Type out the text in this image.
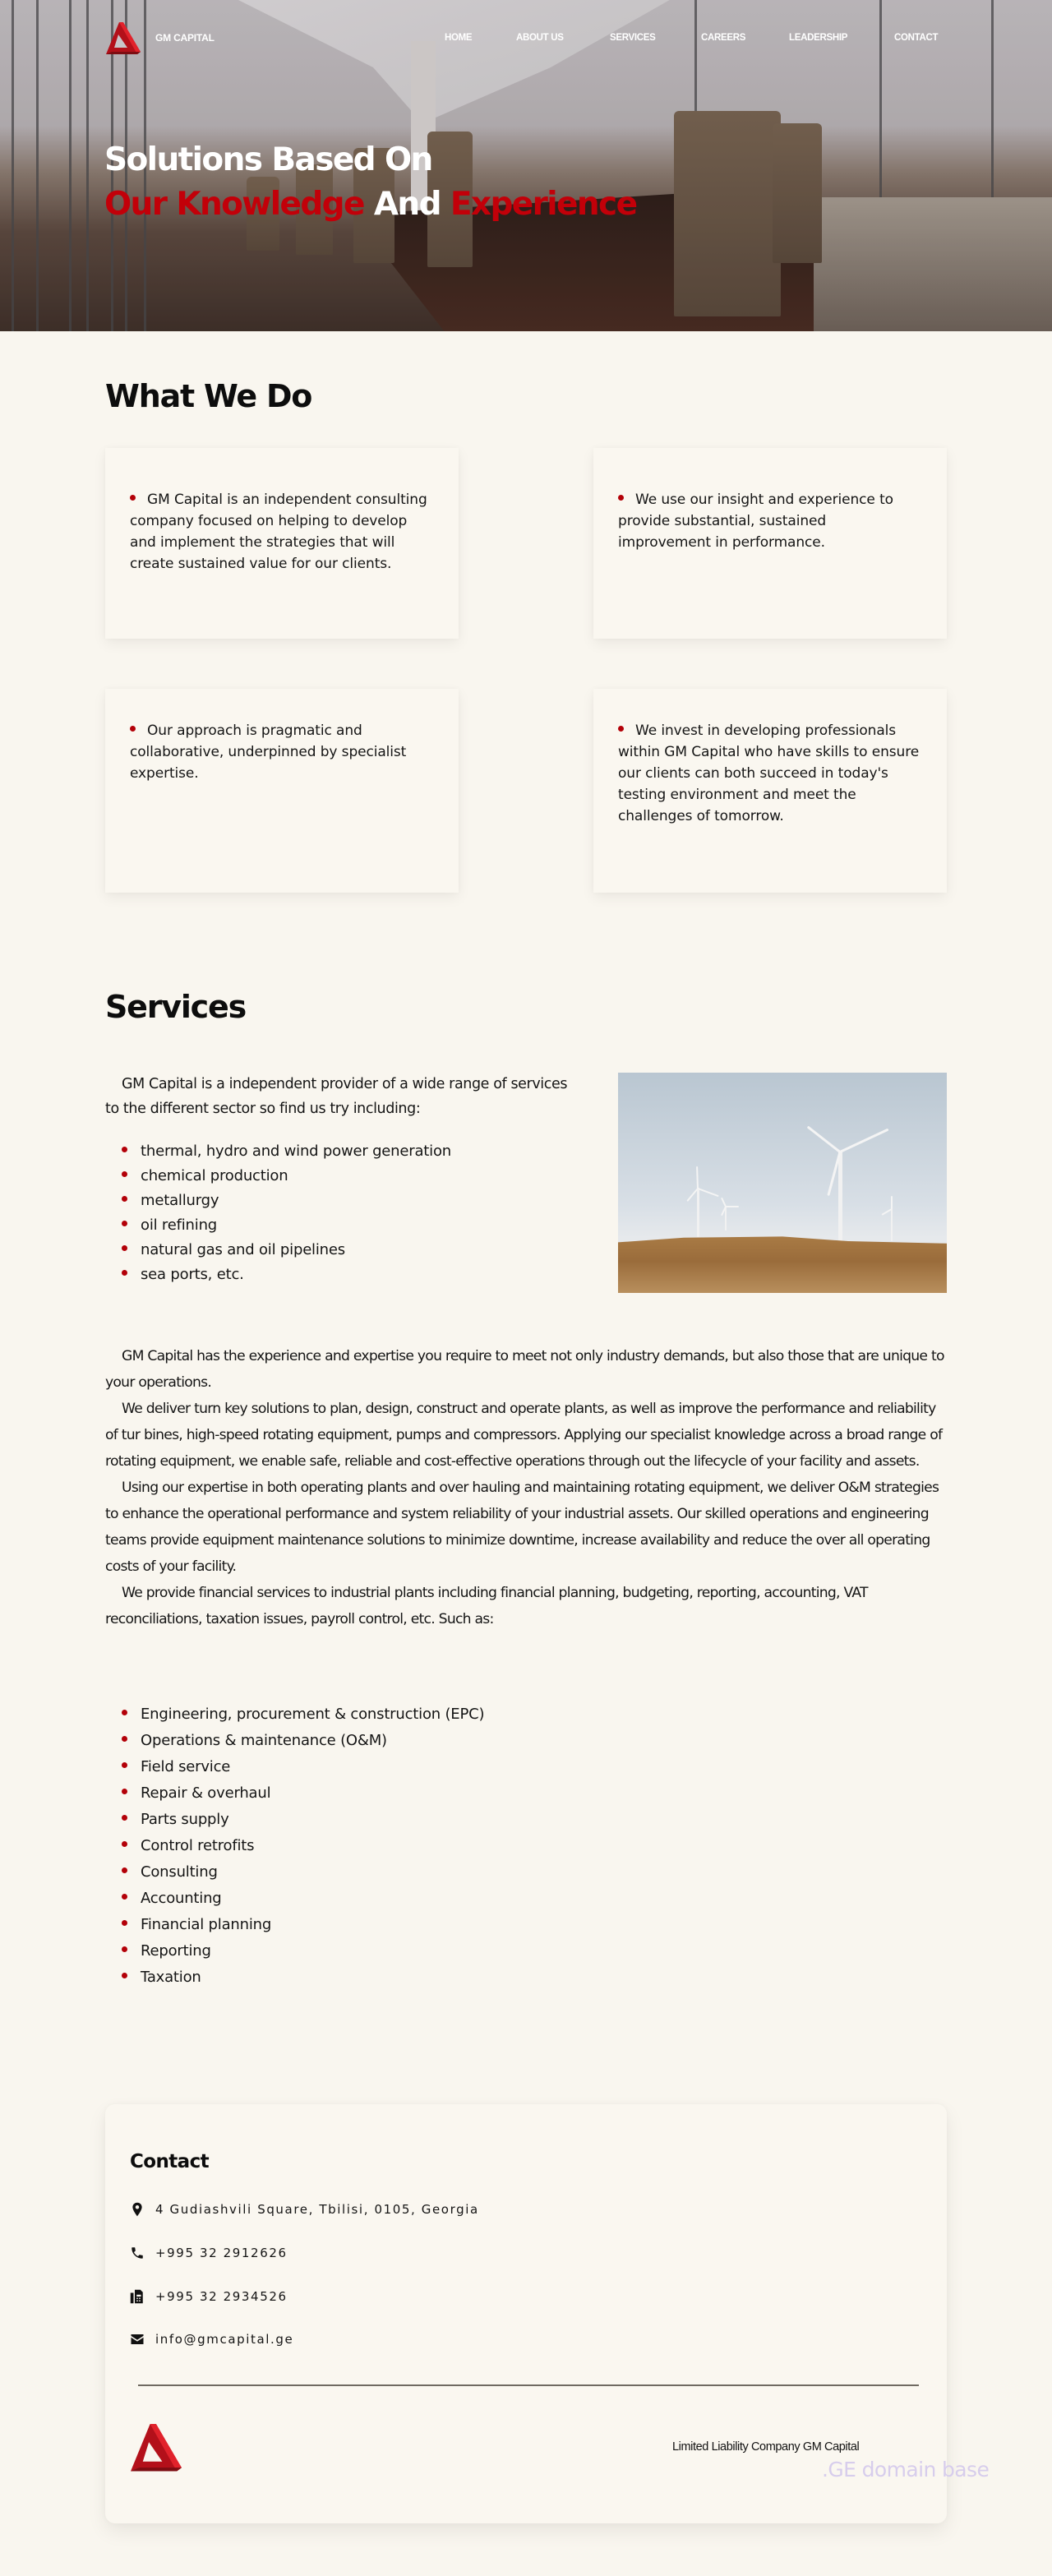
GM CAPITAL	HOME	ABOUT US	SERVICES	CAREERS	LEADERSHIP	CONTACT
Solutions Based On
Our Knowledge And Experience
What We Do

GM Capital is an independent consulting company focused on helping to develop and implement the strategies that will create sustained value for our clients.

We use our insight and experience to provide substantial, sustained improvement in performance.

Our approach is pragmatic and collaborative, underpinned by specialist expertise.

We invest in developing professionals within GM Capital who have skills to ensure our clients can both succeed in today's testing environment and meet the challenges of tomorrow.

Services

GM Capital is a independent provider of a wide range of services to the different sector so find us try including:

thermal, hydro and wind power generation
chemical production
metallurgy
oil refining
natural gas and oil pipelines
sea ports, etc.

GM Capital has the experience and expertise you require to meet not only industry demands, but also those that are unique to your operations.

We deliver turn key solutions to plan, design, construct and operate plants, as well as improve the performance and reliability of tur bines, high-speed rotating equipment, pumps and compressors. Applying our specialist knowledge across a broad range of rotating equipment, we enable safe, reliable and cost-effective operations through out the lifecycle of your facility and assets.

Using our expertise in both operating plants and over hauling and maintaining rotating equipment, we deliver O&M strategies to enhance the operational performance and system reliability of your industrial assets. Our skilled operations and engineering teams provide equipment maintenance solutions to minimize downtime, increase availability and reduce the over all operating costs of your facility.

We provide financial services to industrial plants including financial planning, budgeting, reporting, accounting, VAT reconciliations, taxation issues, payroll control, etc. Such as:

Engineering, procurement & construction (EPC)
Operations & maintenance (O&M)
Field service
Repair & overhaul
Parts supply
Control retrofits
Consulting
Accounting
Financial planning
Reporting
Taxation
Contact
4 Gudiashvili Square, Tbilisi, 0105, Georgia
+995 32 2912626
+995 32 2934526
info@gmcapital.ge
Limited Liability Company GM Capital
.GE domain base
